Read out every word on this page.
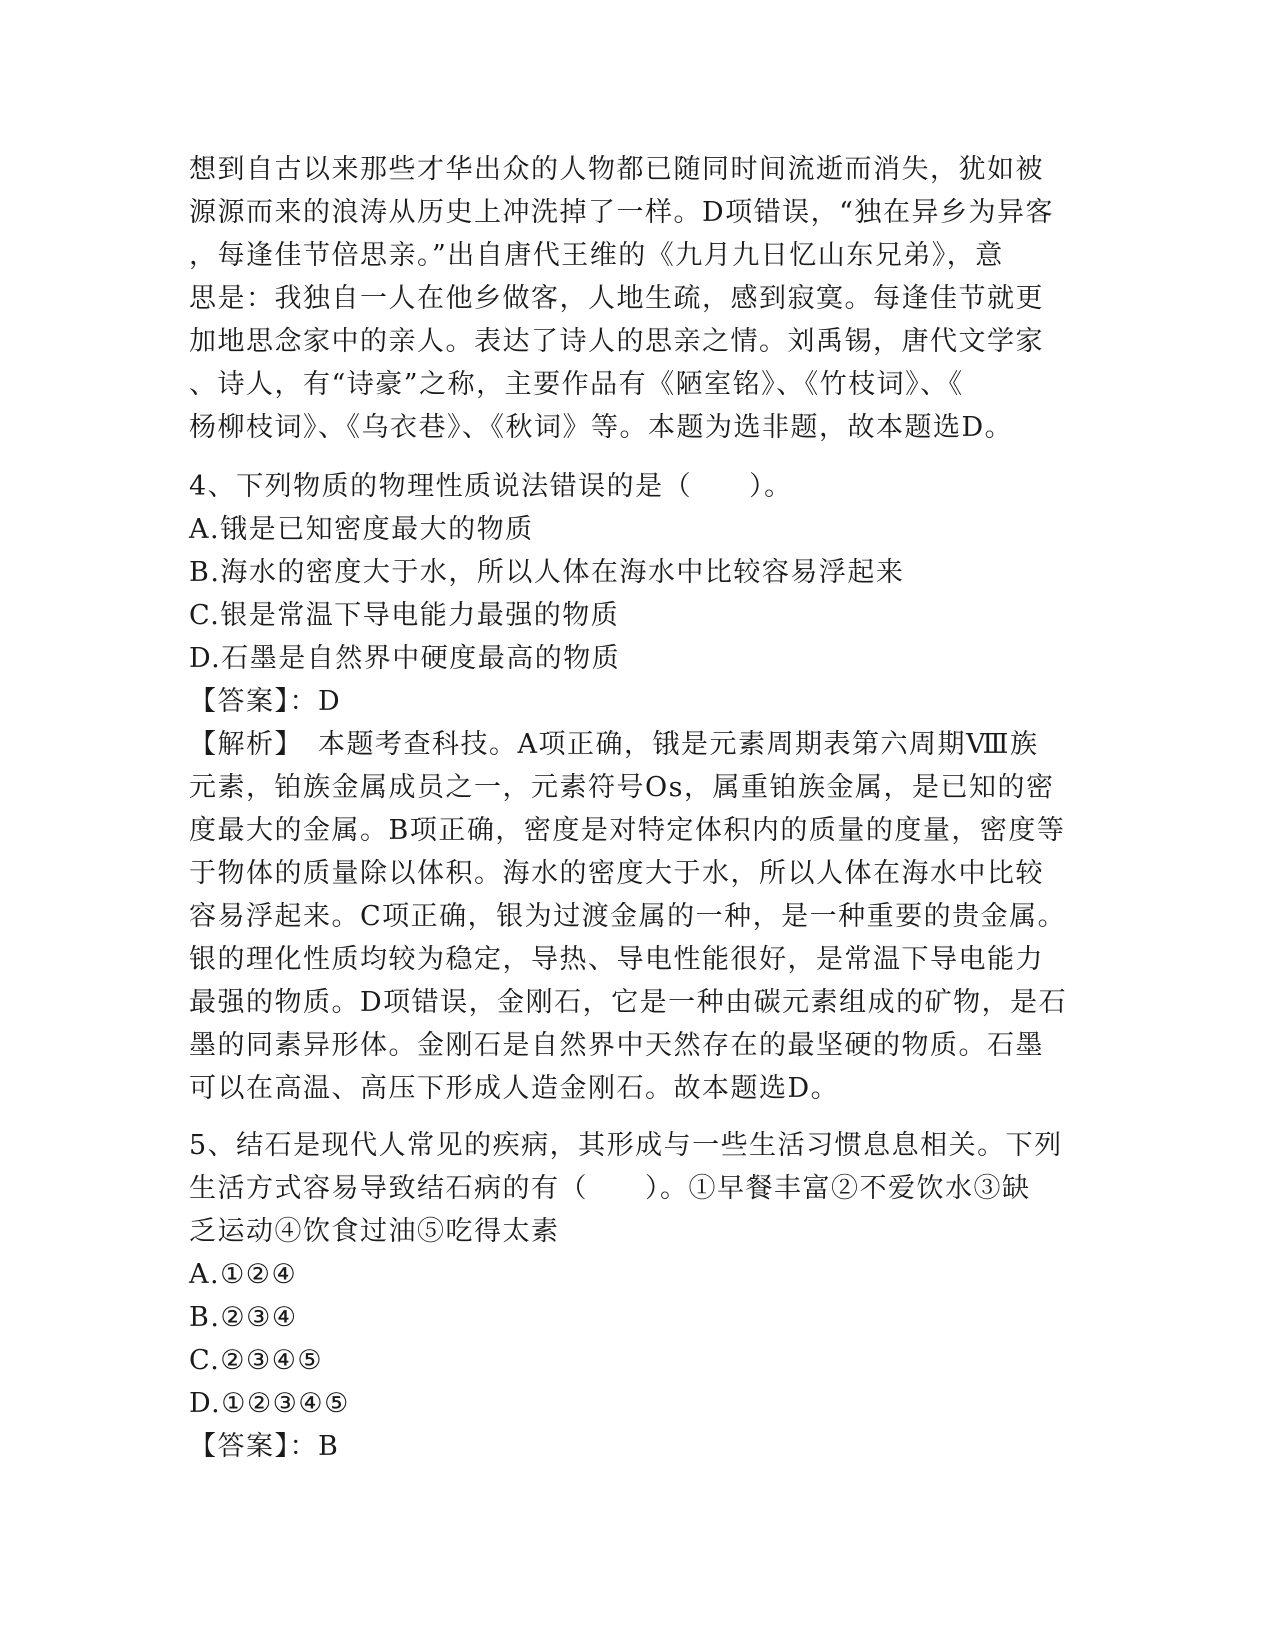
想到自古以来那些才华出众的人物都已随同时间流逝而消失，犹如被
源源而来的浪涛从历史上冲洗掉了一样。D项错误，“独在异乡为异客
，每逢佳节倍思亲。”出自唐代王维的《九月九日忆山东兄弟》，意
思是：我独自一人在他乡做客，人地生疏，感到寂寞。每逢佳节就更
加地思念家中的亲人。表达了诗人的思亲之情。刘禹锡，唐代文学家
、诗人，有“诗豪”之称，主要作品有《陋室铭》、《竹枝词》、《
杨柳枝词》、《乌衣巷》、《秋词》等。本题为选非题，故本题选D。
4、下列物质的物理性质说法错误的是（　　）。
A.锇是已知密度最大的物质
B.海水的密度大于水，所以人体在海水中比较容易浮起来
C.银是常温下导电能力最强的物质
D.石墨是自然界中硬度最高的物质
【答案】：D
【解析】　本题考查科技。A项正确，锇是元素周期表第六周期Ⅷ族
元素，铂族金属成员之一，元素符号Os，属重铂族金属，是已知的密
度最大的金属。B项正确，密度是对特定体积内的质量的度量，密度等
于物体的质量除以体积。海水的密度大于水，所以人体在海水中比较
容易浮起来。C项正确，银为过渡金属的一种，是一种重要的贵金属。
银的理化性质均较为稳定，导热、导电性能很好，是常温下导电能力
最强的物质。D项错误，金刚石，它是一种由碳元素组成的矿物，是石
墨的同素异形体。金刚石是自然界中天然存在的最坚硬的物质。石墨
可以在高温、高压下形成人造金刚石。故本题选D。
5、结石是现代人常见的疾病，其形成与一些生活习惯息息相关。下列
生活方式容易导致结石病的有（　　）。①早餐丰富②不爱饮水③缺
乏运动④饮食过油⑤吃得太素
A.①②④
B.②③④
C.②③④⑤
D.①②③④⑤
【答案】：B
